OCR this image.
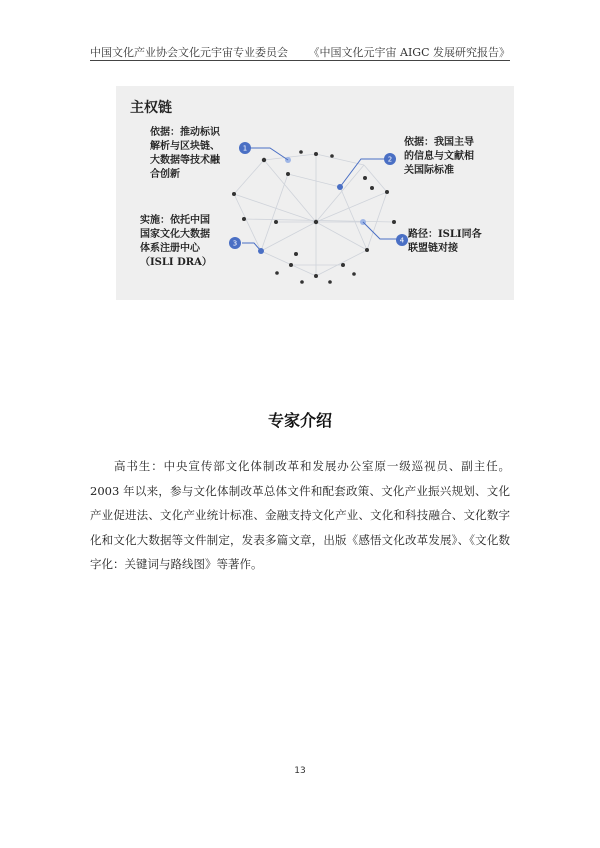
中国文化产业协会文化元宇宙专业委员会 《中国文化元宇宙 AIGC 发展研究报告》
1
2
3	4
主权链
依据：推动标识
解析与区块链、
大数据等技术融
合创新
依据：我国主导
的信息与文献相
关国际标准
实施：依托中国
国家文化大数据
体系注册中心
（ISLI DRA）
路径：ISLI同各
联盟链对接
专家介绍
高书生：中央宣传部文化体制改革和发展办公室原一级巡视员、副主任。2003 年以来，参与文化体制改革总体文件和配套政策、文化产业振兴规划、文化产业促进法、文化产业统计标准、金融支持文化产业、文化和科技融合、文化数字化和文化大数据等文件制定，发表多篇文章，出版《感悟文化改革发展》、《文化数字化：关键词与路线图》等著作。
13
